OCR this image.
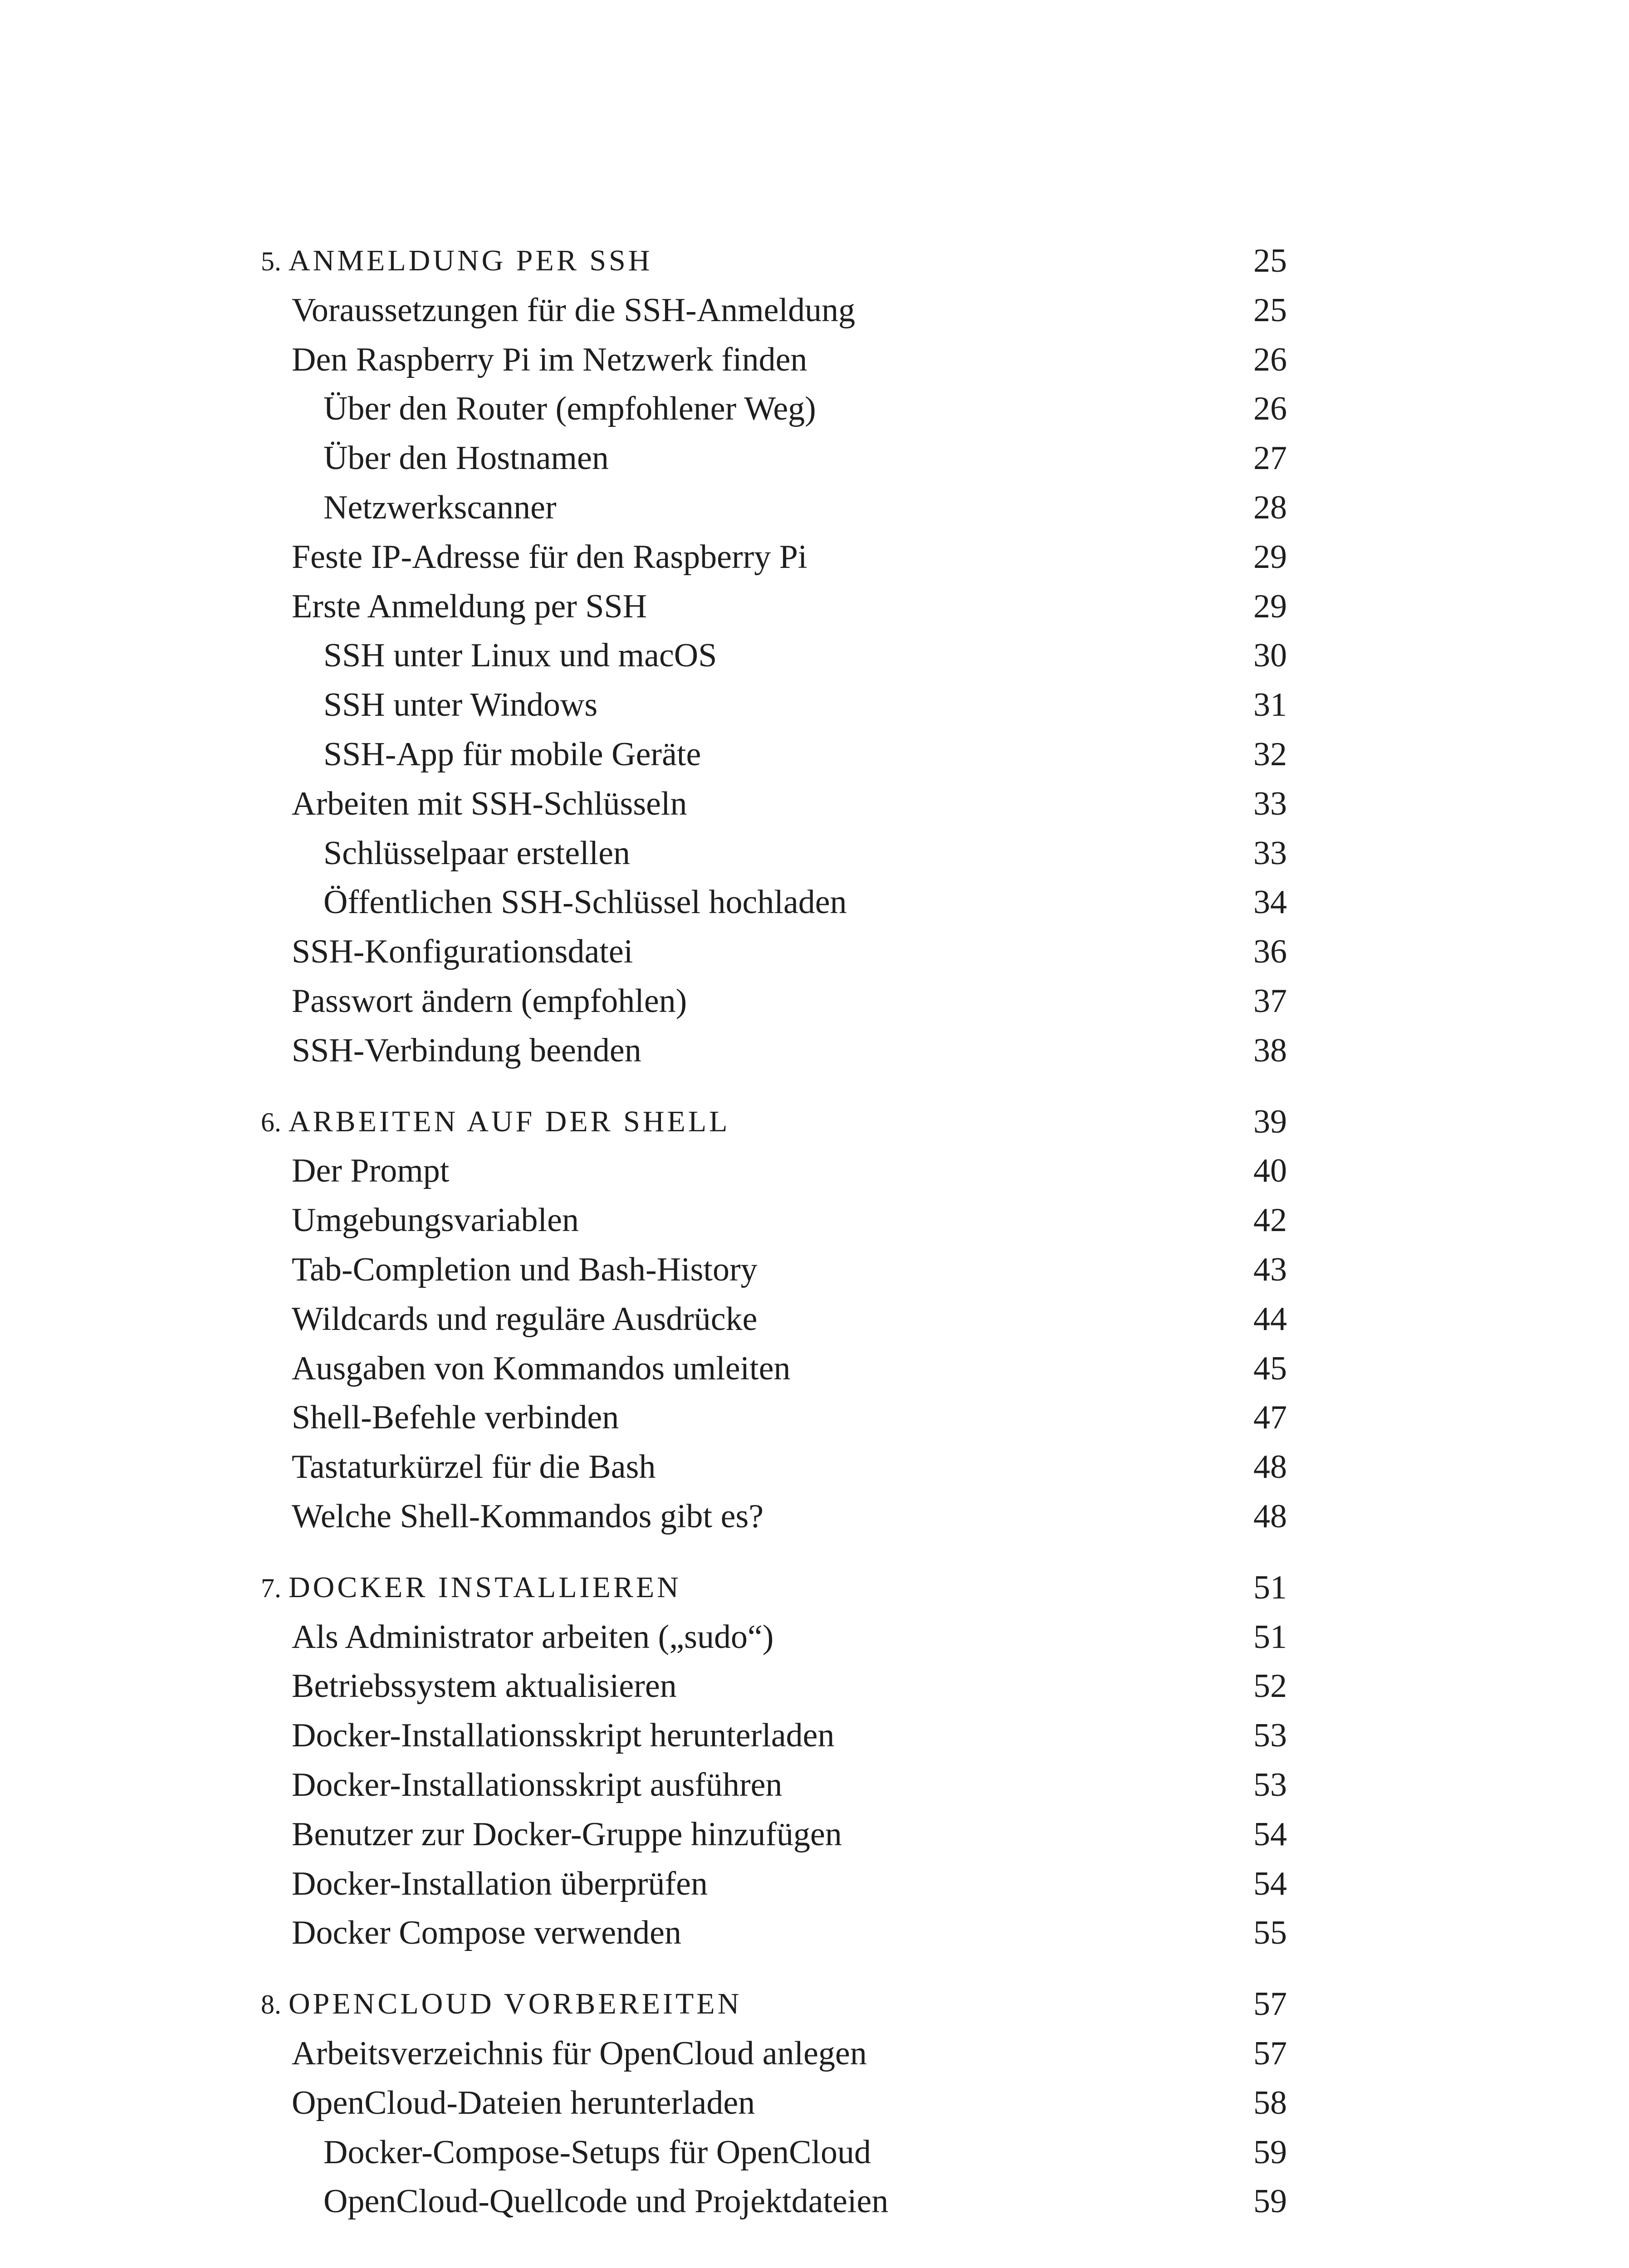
5. ANMELDUNG PER SSH	25
Voraussetzungen für die SSH-Anmeldung	25
Den Raspberry Pi im Netzwerk finden	26
Über den Router (empfohlener Weg)	26
Über den Hostnamen	27
Netzwerkscanner	28
Feste IP-Adresse für den Raspberry Pi	29
Erste Anmeldung per SSH	29
SSH unter Linux und macOS	30
SSH unter Windows	31
SSH-App für mobile Geräte	32
Arbeiten mit SSH-Schlüsseln	33
Schlüsselpaar erstellen	33
Öffentlichen SSH-Schlüssel hochladen	34
SSH-Konfigurationsdatei	36
Passwort ändern (empfohlen)	37
SSH-Verbindung beenden	38
6. ARBEITEN AUF DER SHELL	39
Der Prompt	40
Umgebungsvariablen	42
Tab-Completion und Bash-History	43
Wildcards und reguläre Ausdrücke	44
Ausgaben von Kommandos umleiten	45
Shell-Befehle verbinden	47
Tastaturkürzel für die Bash	48
Welche Shell-Kommandos gibt es?	48
7. DOCKER INSTALLIEREN	51
Als Administrator arbeiten („sudo“)	51
Betriebssystem aktualisieren	52
Docker-Installationsskript herunterladen	53
Docker-Installationsskript ausführen	53
Benutzer zur Docker-Gruppe hinzufügen	54
Docker-Installation überprüfen	54
Docker Compose verwenden	55
8. OPENCLOUD VORBEREITEN	57
Arbeitsverzeichnis für OpenCloud anlegen	57
OpenCloud-Dateien herunterladen	58
Docker-Compose-Setups für OpenCloud	59
OpenCloud-Quellcode und Projektdateien	59
